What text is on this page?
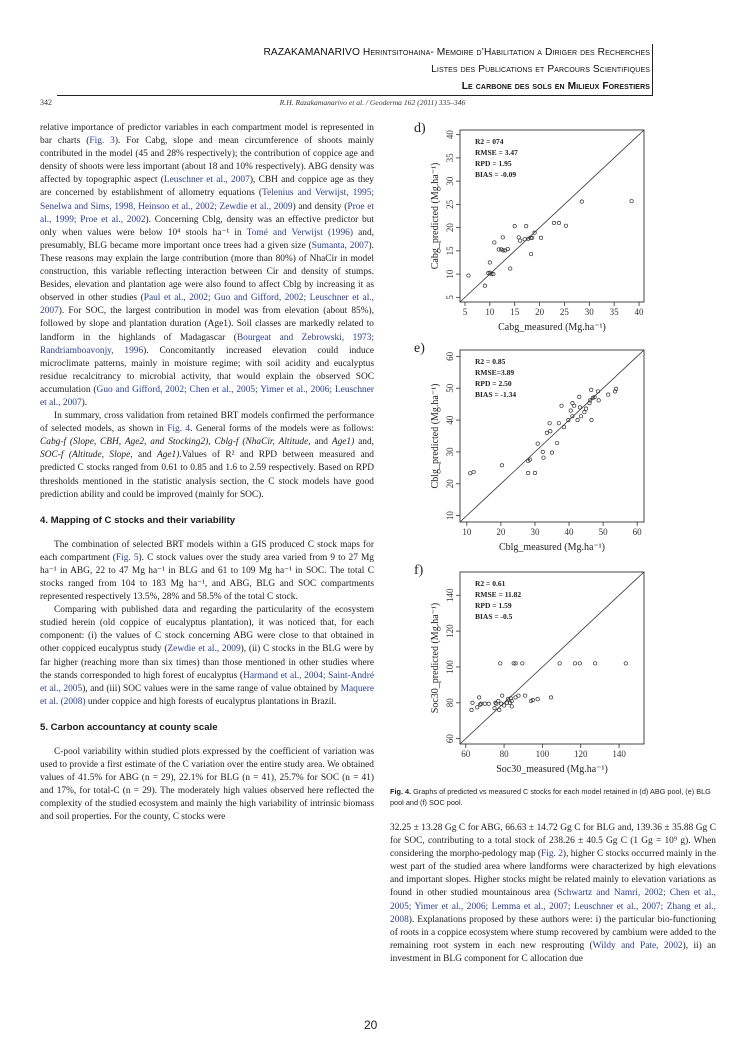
RAZAKAMANARIVO Herintsitohaina- Memoire d’Habilitation a Diriger des Recherches
Listes des Publications et Parcours Scientifiques
Le carbone des sols en Milieux Forestiers
342	R.H. Razakamanarivo et al. / Geoderma 162 (2011) 335–346

relative importance of predictor variables in each compartment model is represented in bar charts (Fig. 3). For Cabg, slope and mean circumference of shoots mainly contributed in the model (45 and 28% respectively); the contribution of coppice age and density of shoots were less important (about 18 and 10% respectively). ABG density was affected by topographic aspect (Leuschner et al., 2007), CBH and coppice age as they are concerned by establishment of allometry equations (Telenius and Verwijst, 1995; Senelwa and Sims, 1998, Heinsoo et al., 2002; Zewdie et al., 2009) and density (Proe et al., 1999; Proe et al., 2002). Concerning Cblg, density was an effective predictor but only when values were below 10⁴ stools ha⁻¹ in Tomé and Verwijst (1996) and, presumably, BLG became more important once trees had a given size (Sumanta, 2007). These reasons may explain the large contribution (more than 80%) of NhaCir in model construction, this variable reflecting interaction between Cir and density of stumps. Besides, elevation and plantation age were also found to affect Cblg by increasing it as observed in other studies (Paul et al., 2002; Guo and Gifford, 2002; Leuschner et al., 2007). For SOC, the largest contribution in model was from elevation (about 85%), followed by slope and plantation duration (Age1). Soil classes are markedly related to landform in the highlands of Madagascar (Bourgeat and Zebrowski, 1973; Randriamboavonjy, 1996). Concomitantly increased elevation could induce microclimate patterns, mainly in moisture regime; with soil acidity and eucalyptus residue recalcitrancy to microbial activity, that would explain the observed SOC accumulation (Guo and Gifford, 2002; Chen et al., 2005; Yimer et al., 2006; Leuschner et al., 2007).

In summary, cross validation from retained BRT models confirmed the performance of selected models, as shown in Fig. 4. General forms of the models were as follows: Cabg-f (Slope, CBH, Age2, and Stocking2), Cblg-f (NhaCir, Altitude, and Age1) and, SOC-f (Altitude, Slope, and Age1).Values of R² and RPD between measured and predicted C stocks ranged from 0.61 to 0.85 and 1.6 to 2.59 respectively. Based on RPD thresholds mentioned in the statistic analysis section, the C stock models have good prediction ability and could be improved (mainly for SOC).

4. Mapping of C stocks and their variability

The combination of selected BRT models within a GIS produced C stock maps for each compartment (Fig. 5). C stock values over the study area varied from 9 to 27 Mg ha⁻¹ in ABG, 22 to 47 Mg ha⁻¹ in BLG and 61 to 109 Mg ha⁻¹ in SOC. The total C stocks ranged from 104 to 183 Mg ha⁻¹, and ABG, BLG and SOC compartments represented respectively 13.5%, 28% and 58.5% of the total C stock.

Comparing with published data and regarding the particularity of the ecosystem studied herein (old coppice of eucalyptus plantation), it was noticed that, for each component: (i) the values of C stock concerning ABG were close to that obtained in other coppiced eucalyptus study (Zewdie et al., 2009), (ii) C stocks in the BLG were by far higher (reaching more than six times) than those mentioned in other studies where the stands corresponded to high forest of eucalyptus (Harmand et al., 2004; Saint-André et al., 2005), and (iii) SOC values were in the same range of value obtained by Maquere et al. (2008) under coppice and high forests of eucalyptus plantations in Brazil.

5. Carbon accountancy at county scale

C-pool variability within studied plots expressed by the coefficient of variation was used to provide a first estimate of the C variation over the entire study area. We obtained values of 41.5% for ABG (n = 29), 22.1% for BLG (n = 41), 25.7% for SOC (n = 41) and 17%, for total-C (n = 29). The moderately high values observed here reflected the complexity of the studied ecosystem and mainly the high variability of intrinsic biomass and soil properties. For the county, C stocks were

d)
5 10 15 20 25 30 35 40
5
10
15
20
25
30
35
40
Cabg_measured (Mg.ha⁻¹)
Cabg_predicted (Mg.ha⁻¹)
R2 = 074
RMSE = 3.47
RPD = 1.95
BIAS = -0.09
e)
10	20	30	40	50	60
10
20
30
40
50
60
Cblg_measured (Mg.ha⁻¹)
Cblg_predicted (Mg.ha⁻¹)
R2 = 0.85
RMSE=3.89
RPD = 2.50
BIAS = -1.34
f)
60	80	100	120	140
60
80
100
120
140
Soc30_measured (Mg.ha⁻¹)
Soc30_predicted (Mg.ha⁻¹)
R2 = 0.61
RMSE = 11.82
RPD = 1.59
BIAS = -0.5
Fig. 4. Graphs of predicted vs measured C stocks for each model retained in (d) ABG pool, (e) BLG pool and (f) SOC pool.

32.25 ± 13.28 Gg C for ABG, 66.63 ± 14.72 Gg C for BLG and, 139.36 ± 35.88 Gg C for SOC, contributing to a total stock of 238.26 ± 40.5 Gg C (1 Gg = 10⁹ g). When considering the morpho-pedology map (Fig. 2), higher C stocks occurred mainly in the west part of the studied area where landforms were characterized by high elevations and important slopes. Higher stocks might be related mainly to elevation variations as found in other studied mountainous area (Schwartz and Namri, 2002; Chen et al., 2005; Yimer et al., 2006; Lemma et al., 2007; Leuschner et al., 2007; Zhang et al., 2008). Explanations proposed by these authors were: i) the particular bio-functioning of roots in a coppice ecosystem where stump recovered by cambium were added to the remaining root system in each new resprouting (Wildy and Pate, 2002), ii) an investment in BLG component for C allocation due

20
